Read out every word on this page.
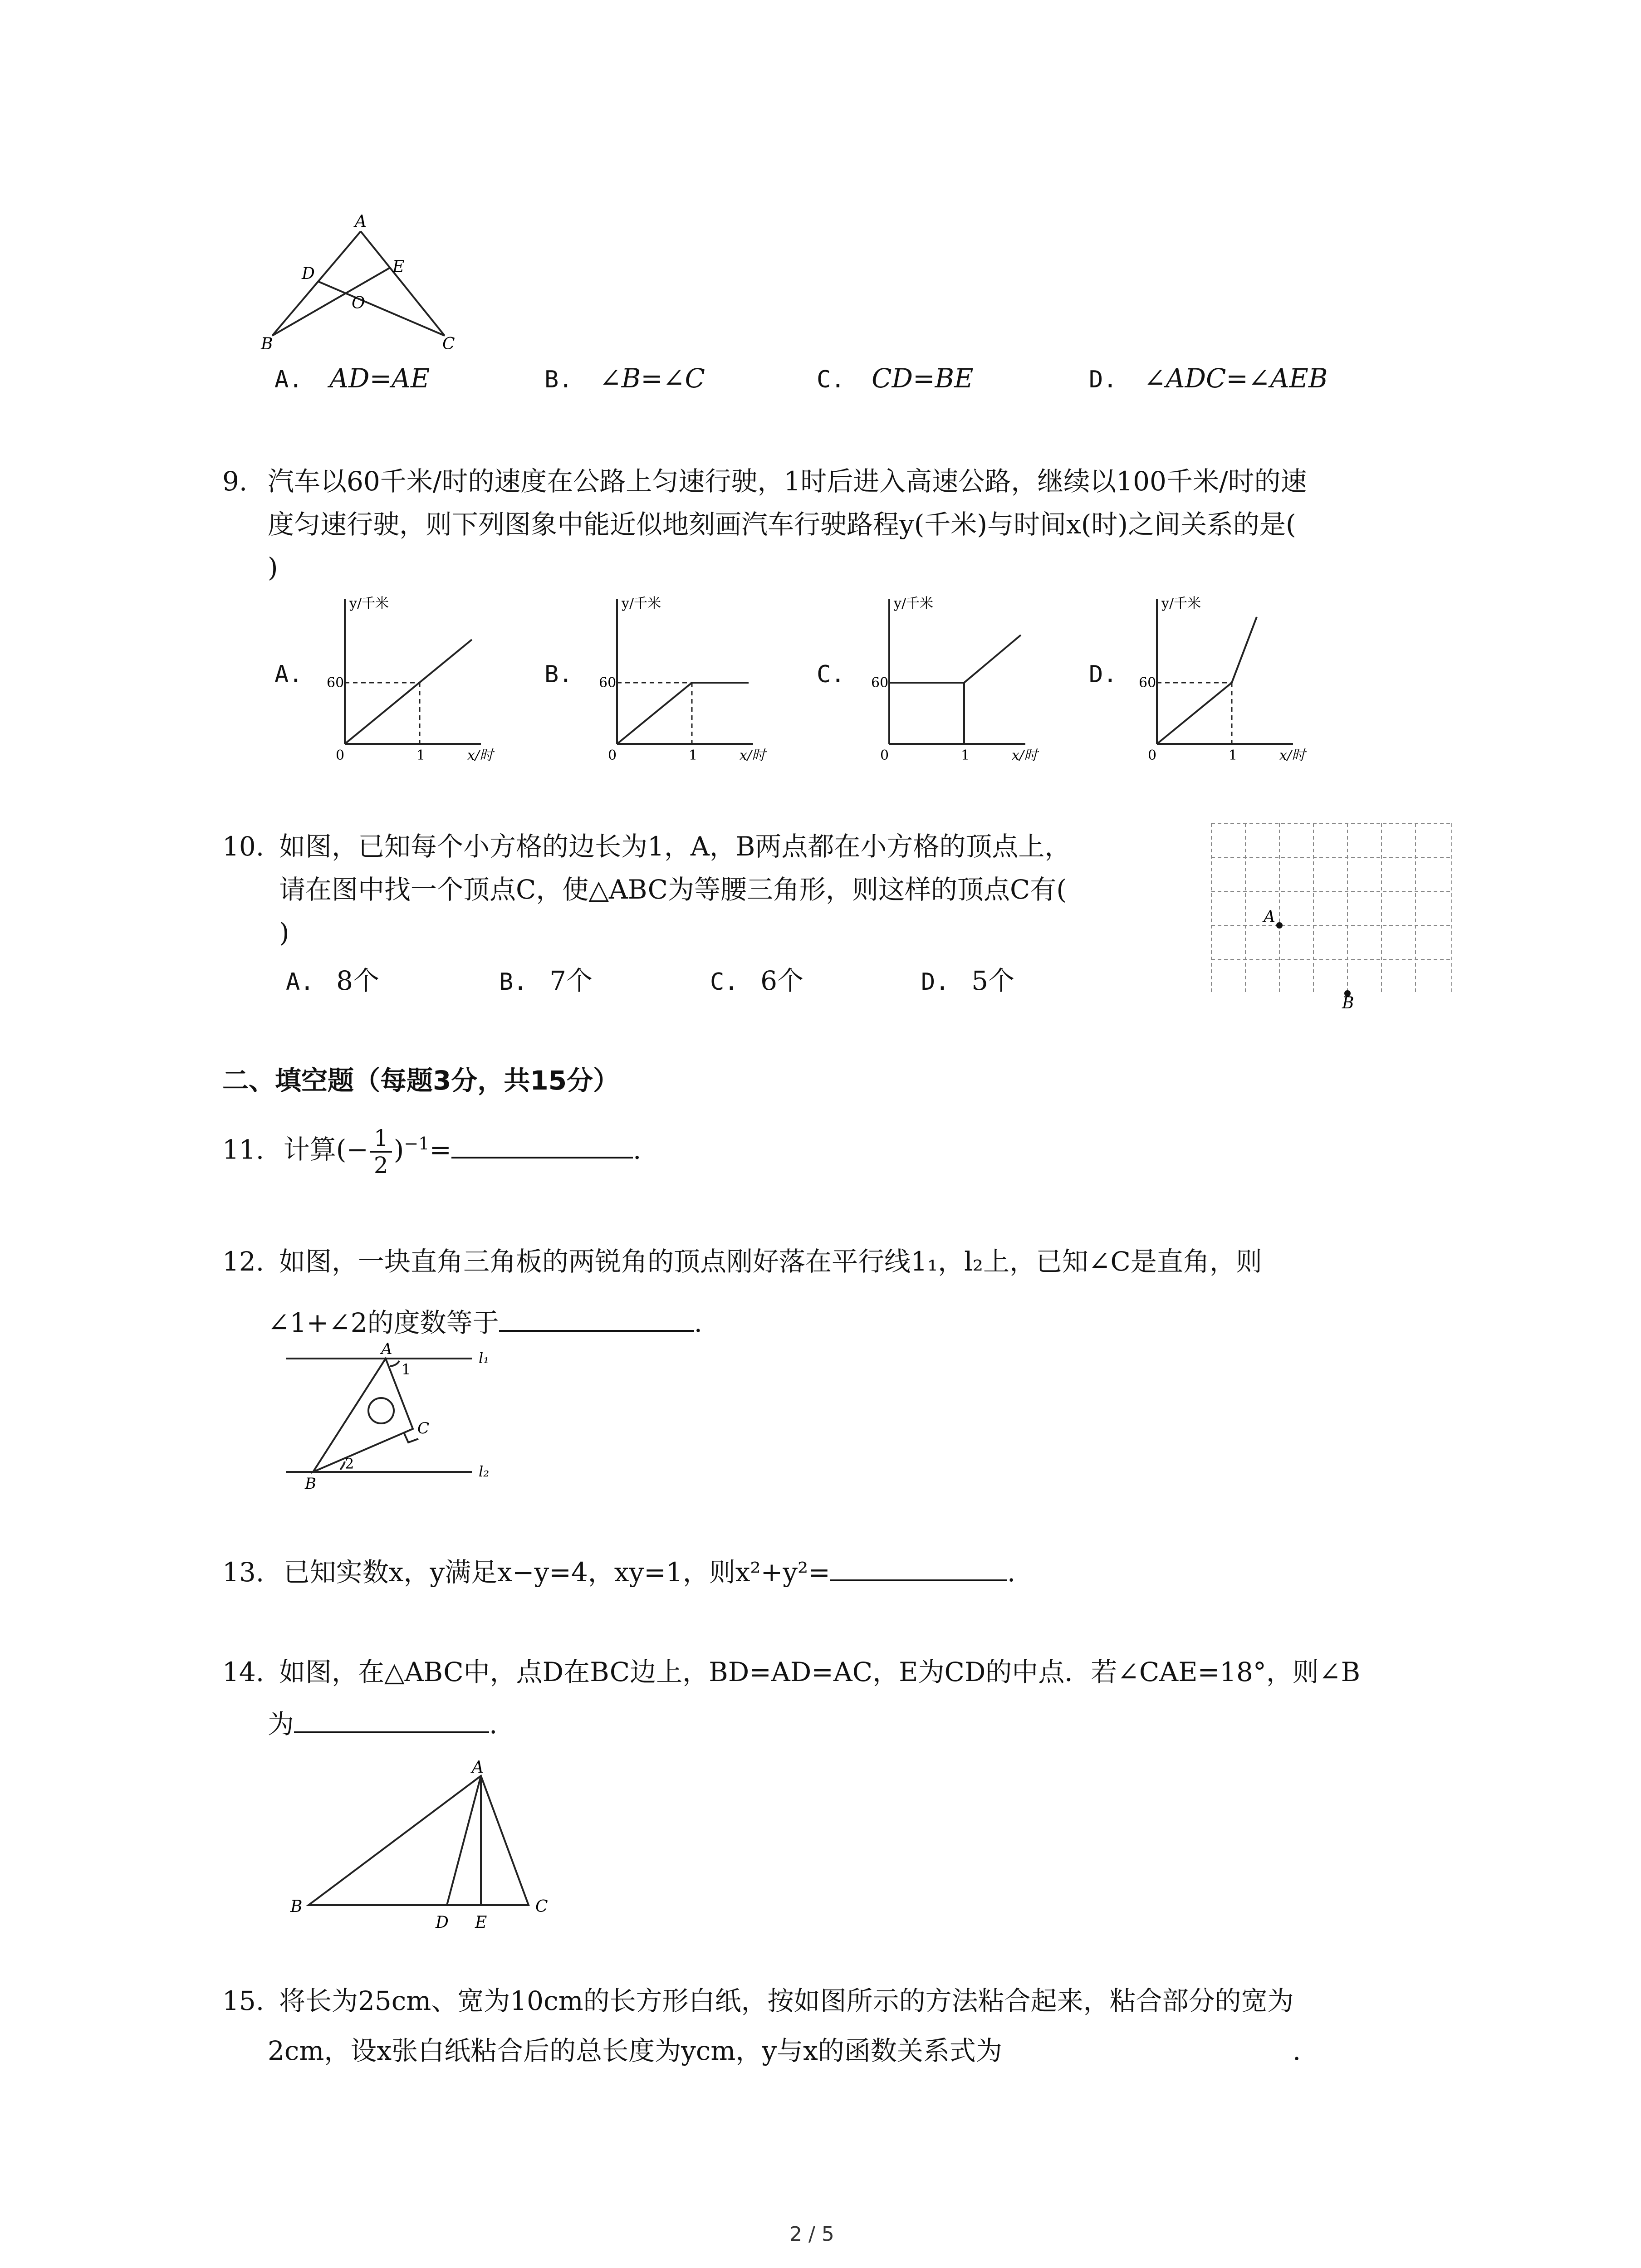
A
D	E
O
B	C
A. AD=AE	B. ∠B=∠C	C. CD=BE	D. ∠ADC=∠AEB
9. 汽车以60千米/时的速度在公路上匀速行驶，1时后进入高速公路，继续以100千米/时的速
度匀速行驶，则下列图象中能近似地刻画汽车行驶路程y(千米)与时间x(时)之间关系的是(
)
A.	B.	C.	D.
y/千米
60
0	1	x/时
y/千米
60
0	1	x/时
y/千米
60
0	1	x/时
y/千米
60
0	1	x/时
10. 如图，已知每个小方格的边长为1，A，B两点都在小方格的顶点上，
请在图中找一个顶点C，使△ABC为等腰三角形，则这样的顶点C有(
)
A. 8个	B. 7个	C. 6个	D. 5个
A
B
二、填空题（每题3分，共15分）
11. 计算(− $\frac{1}{2} )^{-1}=$	.
12. 如图，一块直角三角板的两锐角的顶点刚好落在平行线1₁，l₂上，已知∠C是直角，则
∠1+∠2的度数等于	.
A
1
C
2
B
l₁
l₂
13. 已知实数x，y满足x−y=4，xy=1，则x²+y²=	.
14. 如图，在△ABC中，点D在BC边上，BD=AD=AC，E为CD的中点．若∠CAE=18°，则∠B
为	.
A
B
D E
C
15. 将长为25cm、宽为10cm的长方形白纸，按如图所示的方法粘合起来，粘合部分的宽为
2cm，设x张白纸粘合后的总长度为ycm，y与x的函数关系式为	.
2 / 5
